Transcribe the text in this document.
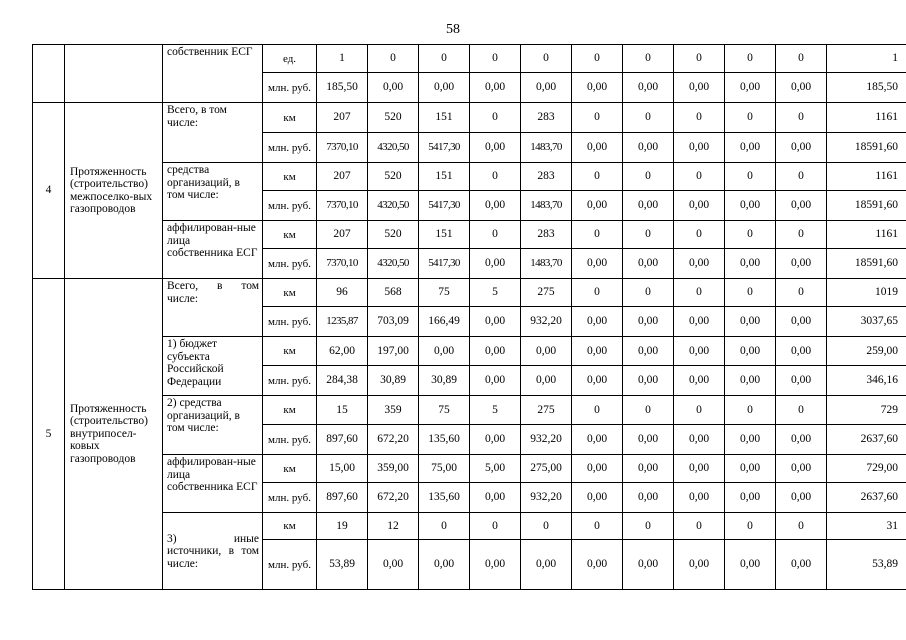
58
		собственник ЕСГ	ед.	1	0	0	0	0	0	0	0	0	0	1
			млн. руб.	185,50	0,00	0,00	0,00	0,00	0,00	0,00	0,00	0,00	0,00	185,50
4	Протяженность (строительство) межпоселко-вых газопроводов	Всего, в том числе:	км	207	520	151	0	283	0	0	0	0	0	1161
			млн. руб.	7370,10	4320,50	5417,30	0,00	1483,70	0,00	0,00	0,00	0,00	0,00	18591,60
		средства организаций, в том числе:	км	207	520	151	0	283	0	0	0	0	0	1161
			млн. руб.	7370,10	4320,50	5417,30	0,00	1483,70	0,00	0,00	0,00	0,00	0,00	18591,60
		аффилирован-ные лица собственника ЕСГ	км	207	520	151	0	283	0	0	0	0	0	1161
			млн. руб.	7370,10	4320,50	5417,30	0,00	1483,70	0,00	0,00	0,00	0,00	0,00	18591,60
5	Протяженность (строительство) внутрипосел-ковых газопроводов	Всего, в том числе:	км	96	568	75	5	275	0	0	0	0	0	1019
			млн. руб.	1235,87	703,09	166,49	0,00	932,20	0,00	0,00	0,00	0,00	0,00	3037,65
		1) бюджет субъекта Российской Федерации	км	62,00	197,00	0,00	0,00	0,00	0,00	0,00	0,00	0,00	0,00	259,00
			млн. руб.	284,38	30,89	30,89	0,00	0,00	0,00	0,00	0,00	0,00	0,00	346,16
		2) средства организаций, в том числе:	км	15	359	75	5	275	0	0	0	0	0	729
			млн. руб.	897,60	672,20	135,60	0,00	932,20	0,00	0,00	0,00	0,00	0,00	2637,60
		аффилирован-ные лица собственника ЕСГ	км	15,00	359,00	75,00	5,00	275,00	0,00	0,00	0,00	0,00	0,00	729,00
			млн. руб.	897,60	672,20	135,60	0,00	932,20	0,00	0,00	0,00	0,00	0,00	2637,60
		3) иные источники, в том числе:	км	19	12	0	0	0	0	0	0	0	0	31
			млн. руб.	53,89	0,00	0,00	0,00	0,00	0,00	0,00	0,00	0,00	0,00	53,89
